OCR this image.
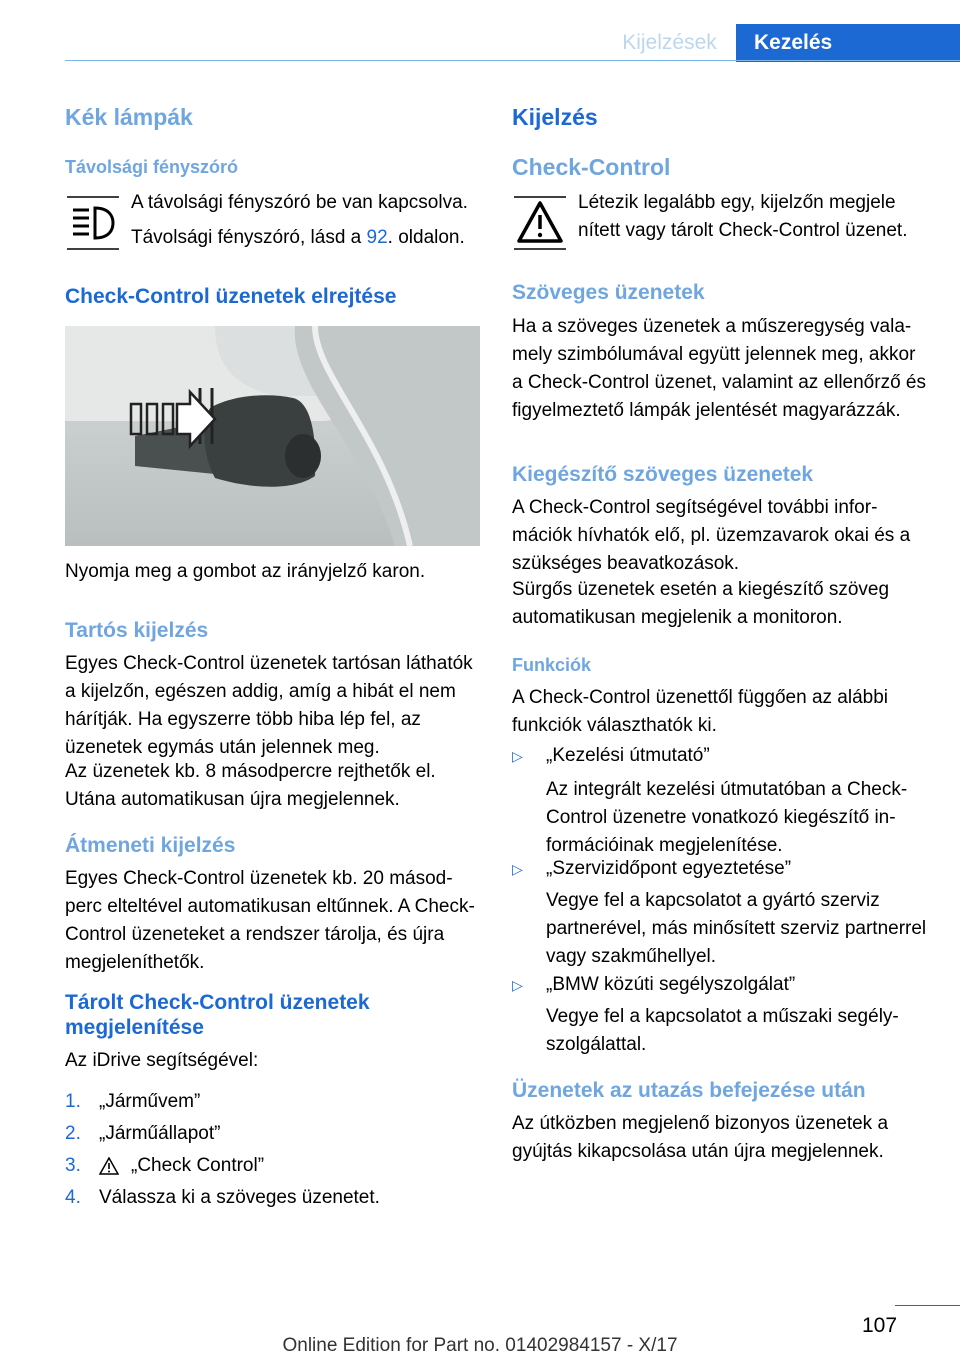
Kijelzések	Kezelés
Kék lámpák
Távolsági fényszóró
A távolsági fényszóró be van kapcsolva.
Távolsági fényszóró, lásd a 92. oldalon.
Check-Control üzenetek elrejtése
Nyomja meg a gombot az irányjelző karon.
Tartós kijelzés
Egyes Check-Control üzenetek tartósan láthatók a kijelzőn, egészen addig, amíg a hibát el nem hárítják. Ha egyszerre több hiba lép fel, az üzenetek egymás után jelennek meg.
Az üzenetek kb. 8 másodpercre rejthetők el. Utána automatikusan újra megjelennek.
Átmeneti kijelzés
Egyes Check-Control üzenetek kb. 20 másodperc elteltével automatikusan eltűnnek. A Check-Control üzeneteket a rendszer tárolja, és újra megjeleníthetők.
Tárolt Check-Control üzenetek
megjelenítése
Az iDrive segítségével:
1. „Járművem”
2. „Járműállapot”
3.	„Check Control”
4. Válassza ki a szöveges üzenetet.
Kijelzés
Check-Control
Létezik legalább egy, kijelzőn megjele
nített vagy tárolt Check-Control üzenet.
Szöveges üzenetek
Ha a szöveges üzenetek a műszeregység valamely szimbólumával együtt jelennek meg, akkor a Check-Control üzenet, valamint az ellenőrző és figyelmeztető lámpák jelentését magyarázzák.
Kiegészítő szöveges üzenetek
A Check-Control segítségével további információk hívhatók elő, pl. üzemzavarok okai és a szükséges beavatkozások.
Sürgős üzenetek esetén a kiegészítő szöveg automatikusan megjelenik a monitoron.
Funkciók
A Check-Control üzenettől függően az alábbi funkciók választhatók ki.
▷ „Kezelési útmutató”
Az integrált kezelési útmutatóban a Check-Control üzenetre vonatkozó kiegészítő információinak megjelenítése.
▷ „Szervizidőpont egyeztetése”
Vegye fel a kapcsolatot a gyártó szerviz partnerével, más minősített szerviz partnerrel vagy szakműhellyel.
▷ „BMW közúti segélyszolgálat”
Vegye fel a kapcsolatot a műszaki segélyszolgálattal.
Üzenetek az utazás befejezése után
Az útközben megjelenő bizonyos üzenetek a gyújtás kikapcsolása után újra megjelennek.
107
Online Edition for Part no. 01402984157 - X/17
